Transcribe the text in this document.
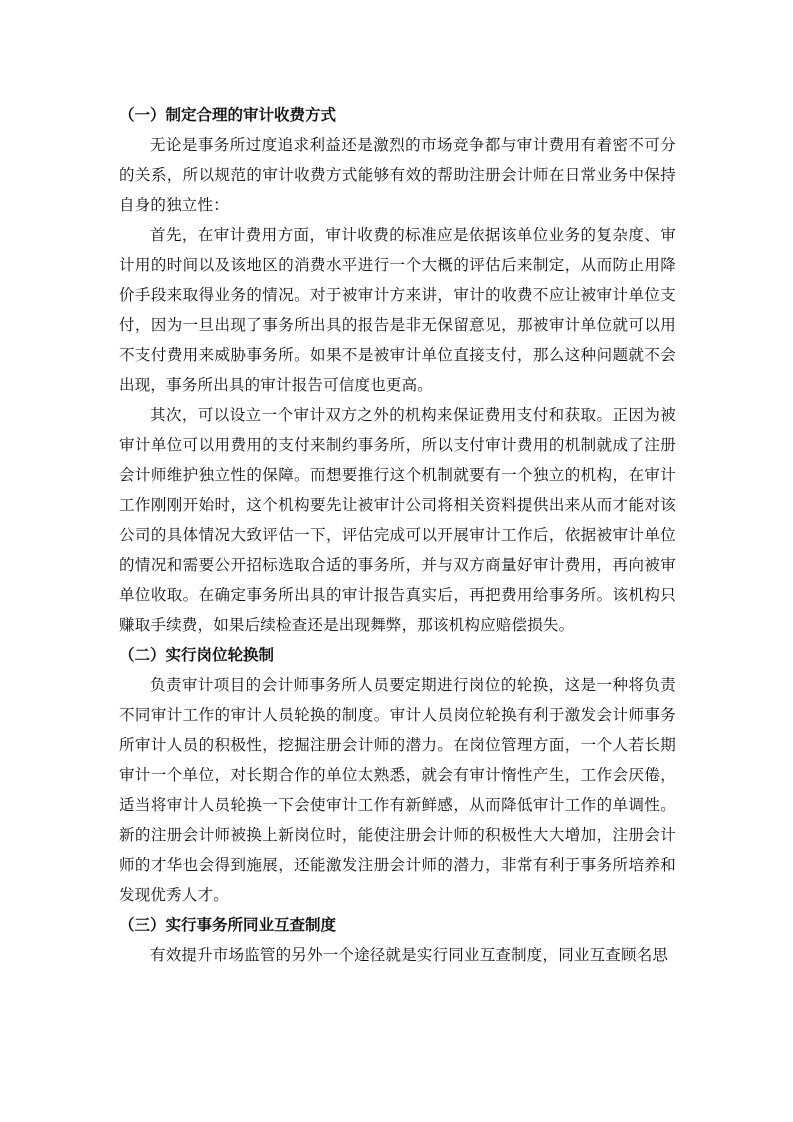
（一）制定合理的审计收费方式

无论是事务所过度追求利益还是激烈的市场竞争都与审计费用有着密不可分的关系，所以规范的审计收费方式能够有效的帮助注册会计师在日常业务中保持自身的独立性：

首先，在审计费用方面，审计收费的标准应是依据该单位业务的复杂度、审计用的时间以及该地区的消费水平进行一个大概的评估后来制定，从而防止用降价手段来取得业务的情况。对于被审计方来讲，审计的收费不应让被审计单位支付，因为一旦出现了事务所出具的报告是非无保留意见，那被审计单位就可以用不支付费用来威胁事务所。如果不是被审计单位直接支付，那么这种问题就不会出现，事务所出具的审计报告可信度也更高。

其次，可以设立一个审计双方之外的机构来保证费用支付和获取。正因为被审计单位可以用费用的支付来制约事务所，所以支付审计费用的机制就成了注册会计师维护独立性的保障。而想要推行这个机制就要有一个独立的机构，在审计工作刚刚开始时，这个机构要先让被审计公司将相关资料提供出来从而才能对该公司的具体情况大致评估一下，评估完成可以开展审计工作后，依据被审计单位的情况和需要公开招标选取合适的事务所，并与双方商量好审计费用，再向被审单位收取。在确定事务所出具的审计报告真实后，再把费用给事务所。该机构只赚取手续费，如果后续检查还是出现舞弊，那该机构应赔偿损失。

（二）实行岗位轮换制

负责审计项目的会计师事务所人员要定期进行岗位的轮换，这是一种将负责不同审计工作的审计人员轮换的制度。审计人员岗位轮换有利于激发会计师事务所审计人员的积极性，挖掘注册会计师的潜力。在岗位管理方面，一个人若长期审计一个单位，对长期合作的单位太熟悉，就会有审计惰性产生，工作会厌倦，适当将审计人员轮换一下会使审计工作有新鲜感，从而降低审计工作的单调性。新的注册会计师被换上新岗位时，能使注册会计师的积极性大大增加，注册会计师的才华也会得到施展，还能激发注册会计师的潜力，非常有利于事务所培养和发现优秀人才。

（三）实行事务所同业互查制度

有效提升市场监管的另外一个途径就是实行同业互查制度，同业互查顾名思
